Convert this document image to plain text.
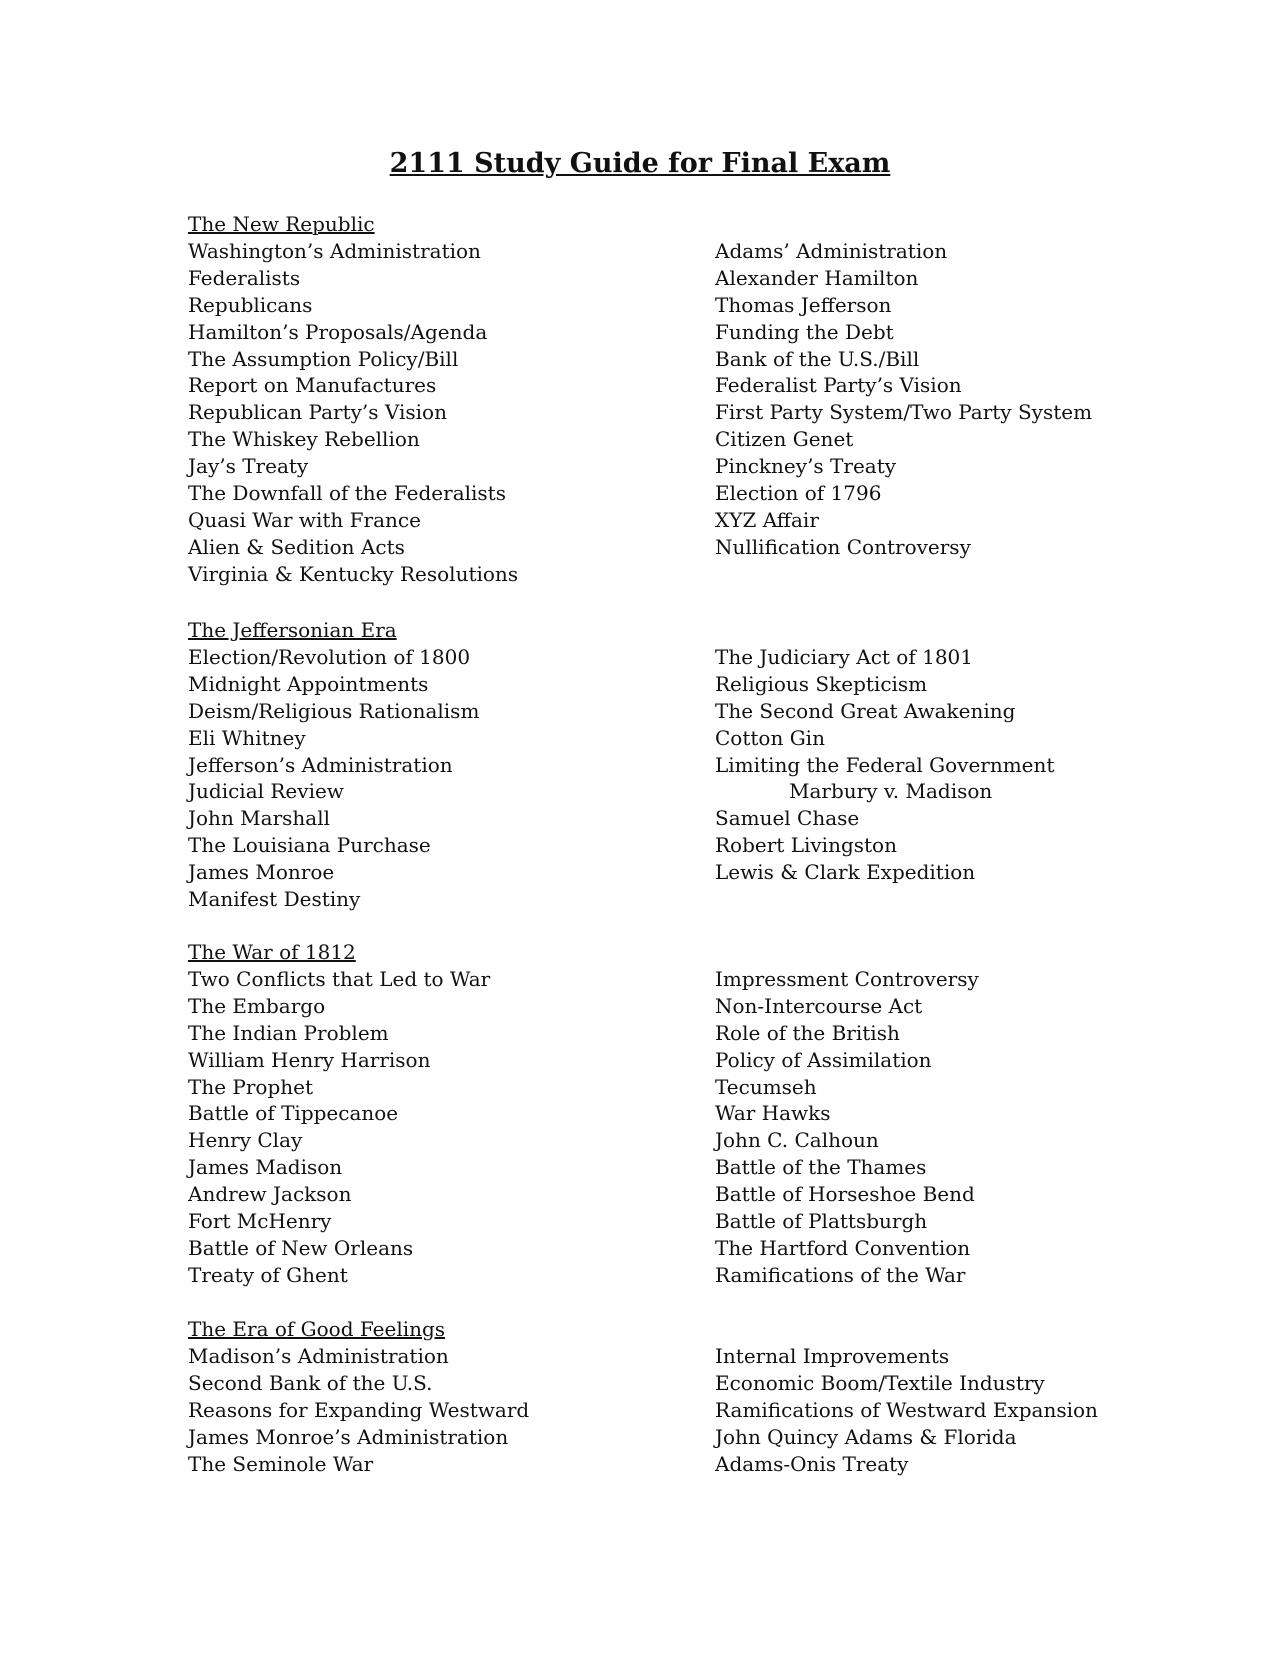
2111 Study Guide for Final Exam
The New Republic
Washington’s Administration
Federalists
Republicans
Hamilton’s Proposals/Agenda
The Assumption Policy/Bill
Report on Manufactures
Republican Party’s Vision
The Whiskey Rebellion
Jay’s Treaty
The Downfall of the Federalists
Quasi War with France
Alien & Sedition Acts
Virginia & Kentucky Resolutions
Adams’ Administration
Alexander Hamilton
Thomas Jefferson
Funding the Debt
Bank of the U.S./Bill
Federalist Party’s Vision
First Party System/Two Party System
Citizen Genet
Pinckney’s Treaty
Election of 1796
XYZ Affair
Nullification Controversy
The Jeffersonian Era
Election/Revolution of 1800
Midnight Appointments
Deism/Religious Rationalism
Eli Whitney
Jefferson’s Administration
Judicial Review
John Marshall
The Louisiana Purchase
James Monroe
Manifest Destiny
The Judiciary Act of 1801
Religious Skepticism
The Second Great Awakening
Cotton Gin
Limiting the Federal Government
Marbury v. Madison
Samuel Chase
Robert Livingston
Lewis & Clark Expedition
The War of 1812
Two Conflicts that Led to War
The Embargo
The Indian Problem
William Henry Harrison
The Prophet
Battle of Tippecanoe
Henry Clay
James Madison
Andrew Jackson
Fort McHenry
Battle of New Orleans
Treaty of Ghent
Impressment Controversy
Non-Intercourse Act
Role of the British
Policy of Assimilation
Tecumseh
War Hawks
John C. Calhoun
Battle of the Thames
Battle of Horseshoe Bend
Battle of Plattsburgh
The Hartford Convention
Ramifications of the War
The Era of Good Feelings
Madison’s Administration
Second Bank of the U.S.
Reasons for Expanding Westward
James Monroe’s Administration
The Seminole War
Internal Improvements
Economic Boom/Textile Industry
Ramifications of Westward Expansion
John Quincy Adams & Florida
Adams-Onis Treaty
